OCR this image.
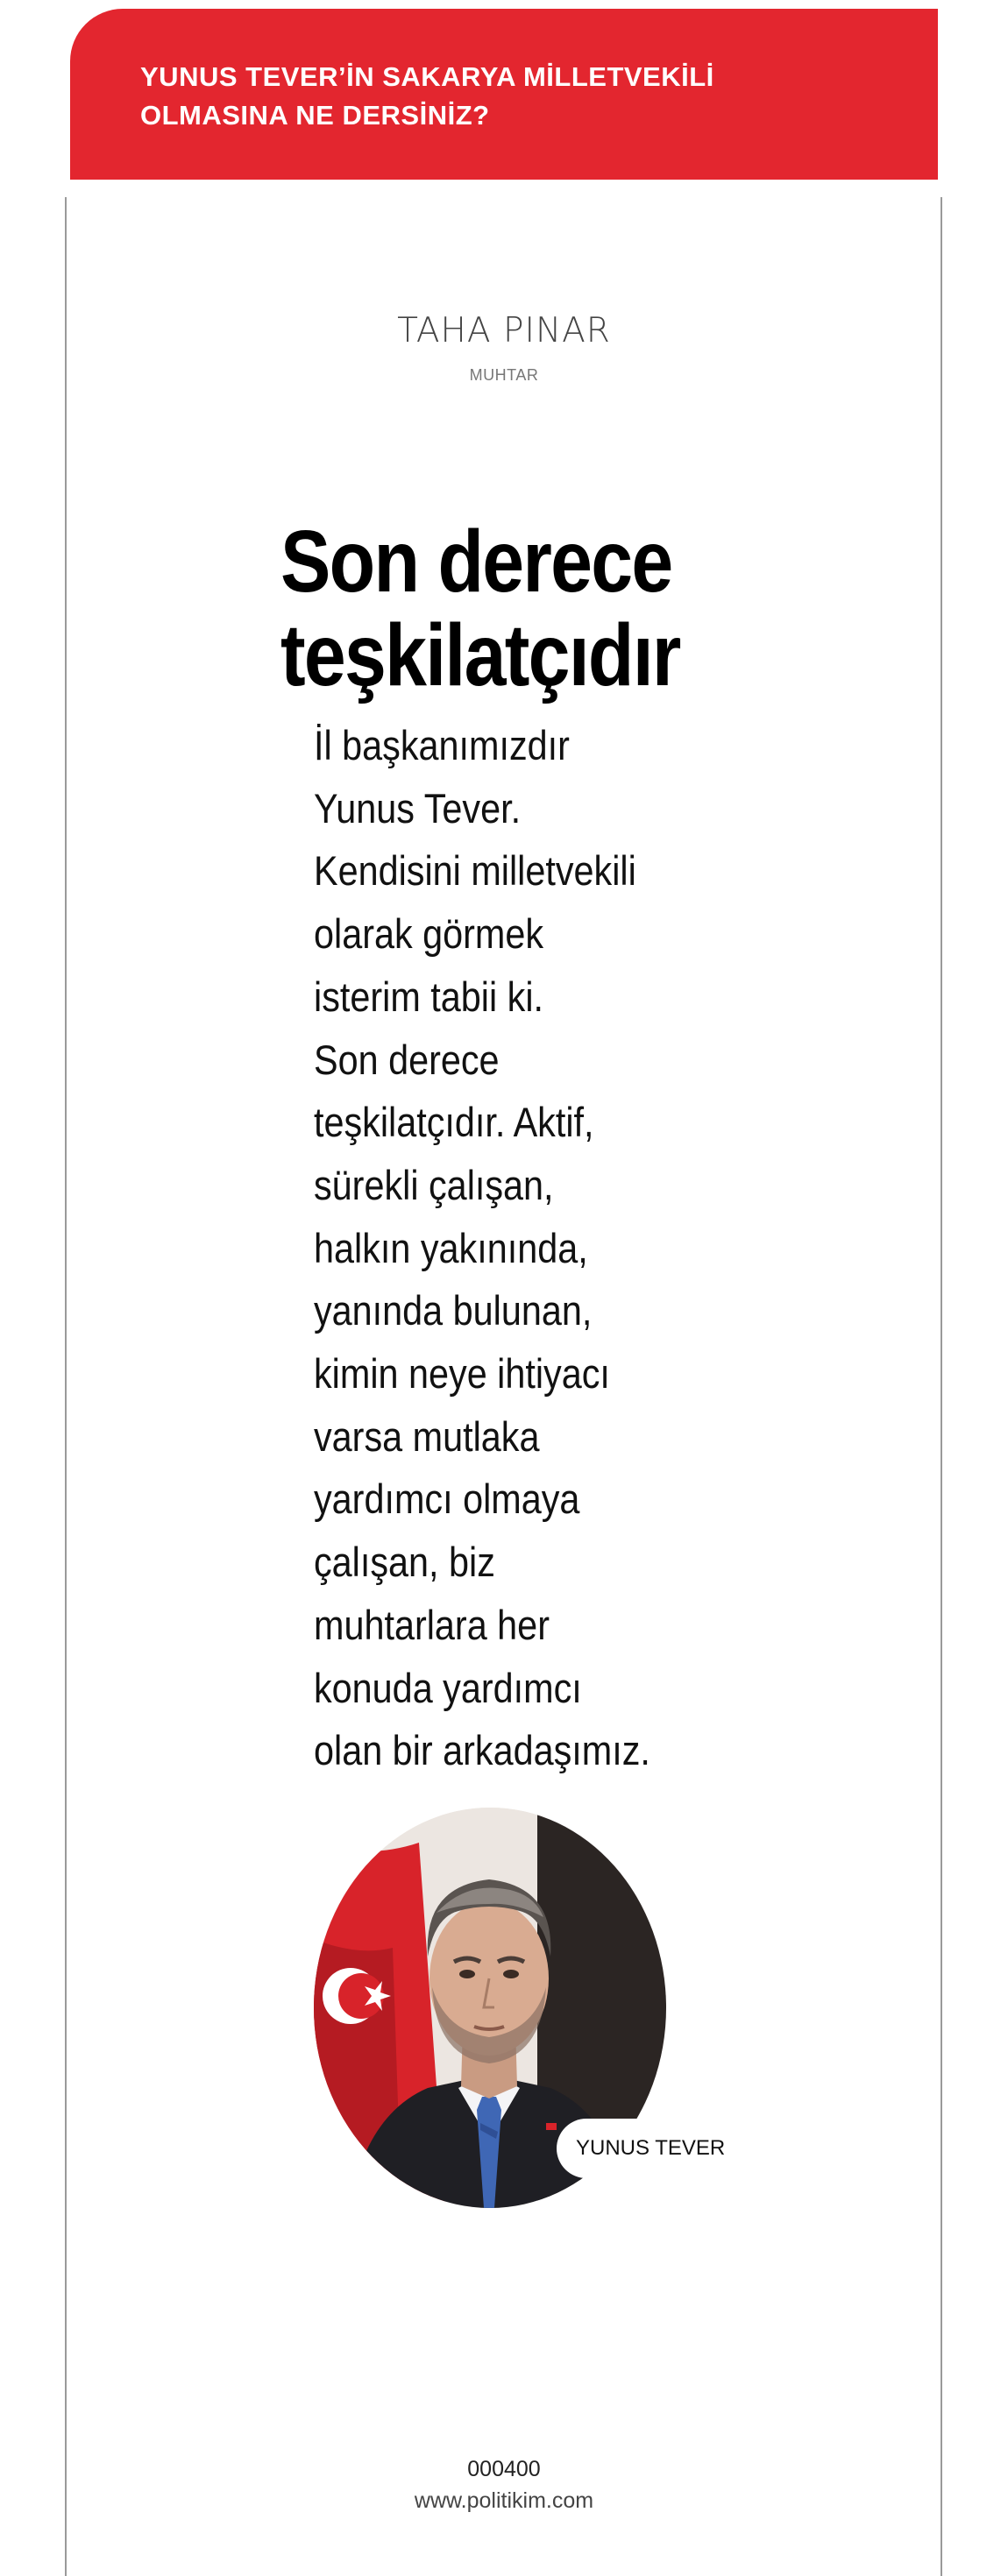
YUNUS TEVER’İN SAKARYA MİLLETVEKİLİ OLMASINA NE DERSİNİZ?

TAHA PINAR

MUHTAR

Son derece teşkilatçıdır
İl başkanımızdır
Yunus Tever.
Kendisini milletvekili
olarak görmek
isterim tabii ki.
Son derece
teşkilatçıdır. Aktif,
sürekli çalışan,
halkın yakınında,
yanında bulunan,
kimin neye ihtiyacı
varsa mutlaka
yardımcı olmaya
çalışan, biz
muhtarlara her
konuda yardımcı
olan bir arkadaşımız.
YUNUS TEVER

000400

www.politikim.com
